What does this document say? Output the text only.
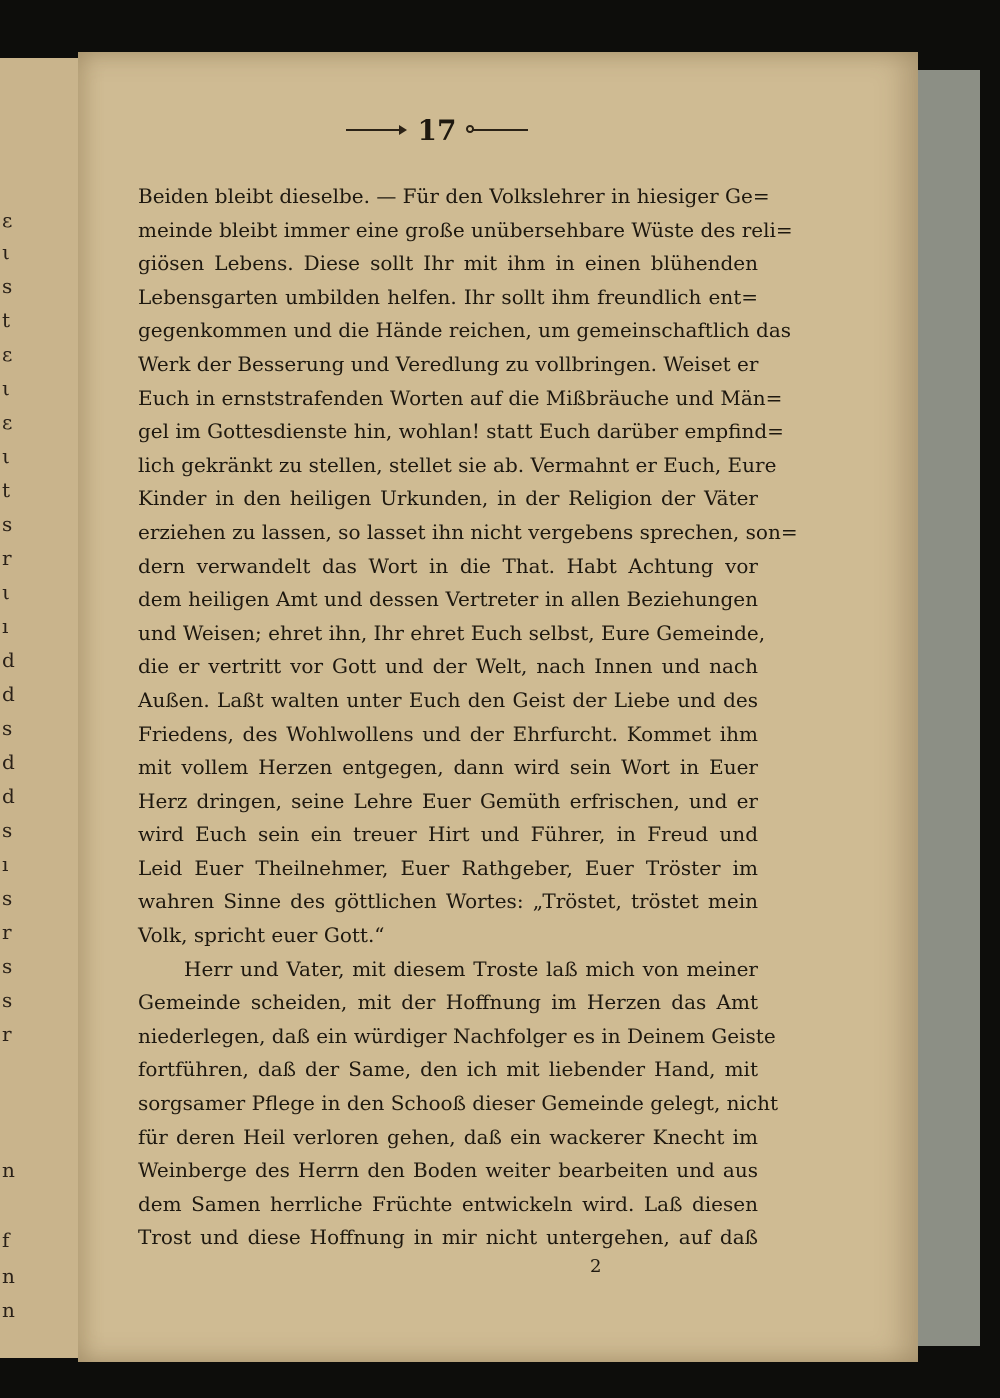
ε
ι
s
t
ε
ι
ε
ι
t
s
r
ι
ı
d
d
s
d
d
s
ı
s
r
s
s
r
n
f
n
n
17
Beiden bleibt dieselbe. — Für den Volkslehrer in hiesiger Ge=
meinde bleibt immer eine große unübersehbare Wüste des reli=
giösen Lebens. Diese sollt Ihr mit ihm in einen blühenden
Lebensgarten umbilden helfen. Ihr sollt ihm freundlich ent=
gegenkommen und die Hände reichen, um gemeinschaftlich das
Werk der Besserung und Veredlung zu vollbringen. Weiset er
Euch in ernststrafenden Worten auf die Mißbräuche und Män=
gel im Gottesdienste hin, wohlan! statt Euch darüber empfind=
lich gekränkt zu stellen, stellet sie ab. Vermahnt er Euch, Eure
Kinder in den heiligen Urkunden, in der Religion der Väter
erziehen zu lassen, so lasset ihn nicht vergebens sprechen, son=
dern verwandelt das Wort in die That. Habt Achtung vor
dem heiligen Amt und dessen Vertreter in allen Beziehungen
und Weisen; ehret ihn, Ihr ehret Euch selbst, Eure Gemeinde,
die er vertritt vor Gott und der Welt, nach Innen und nach
Außen. Laßt walten unter Euch den Geist der Liebe und des
Friedens, des Wohlwollens und der Ehrfurcht. Kommet ihm
mit vollem Herzen entgegen, dann wird sein Wort in Euer
Herz dringen, seine Lehre Euer Gemüth erfrischen, und er
wird Euch sein ein treuer Hirt und Führer, in Freud und
Leid Euer Theilnehmer, Euer Rathgeber, Euer Tröster im
wahren Sinne des göttlichen Wortes: „Tröstet, tröstet mein
Volk, spricht euer Gott.“
Herr und Vater, mit diesem Troste laß mich von meiner
Gemeinde scheiden, mit der Hoffnung im Herzen das Amt
niederlegen, daß ein würdiger Nachfolger es in Deinem Geiste
fortführen, daß der Same, den ich mit liebender Hand, mit
sorgsamer Pflege in den Schooß dieser Gemeinde gelegt, nicht
für deren Heil verloren gehen, daß ein wackerer Knecht im
Weinberge des Herrn den Boden weiter bearbeiten und aus
dem Samen herrliche Früchte entwickeln wird. Laß diesen
Trost und diese Hoffnung in mir nicht untergehen, auf daß
2
